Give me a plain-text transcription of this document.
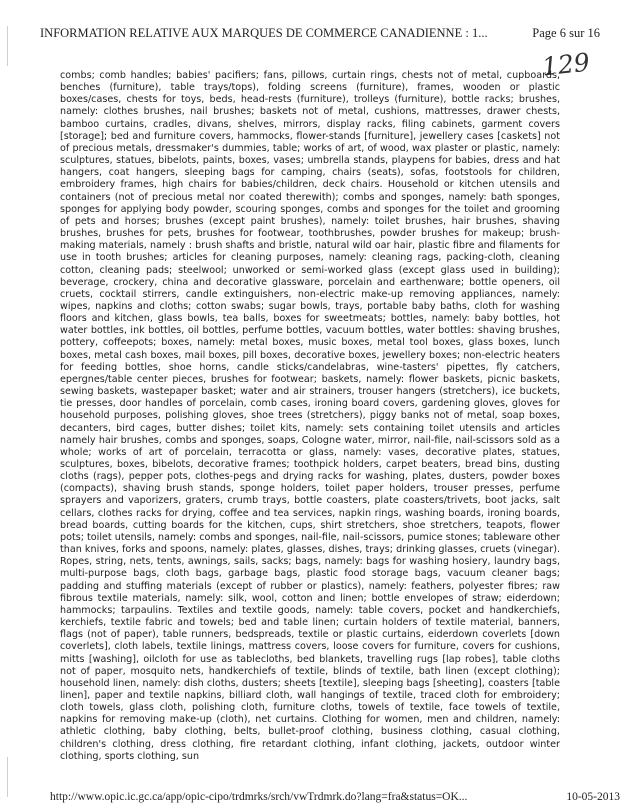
INFORMATION RELATIVE AUX MARQUES DE COMMERCE CANADIENNE : 1...	Page 6 sur 16
129
combs; comb handles; babies' pacifiers; fans, pillows, curtain rings, chests not of metal, cupboards, benches (furniture), table trays/tops), folding screens (furniture), frames, wooden or plastic boxes/cases, chests for toys, beds, head-rests (furniture), trolleys (furniture), bottle racks; brushes, namely: clothes brushes, nail brushes; baskets not of metal, cushions, mattresses, drawer chests, bamboo curtains, cradles, divans, shelves, mirrors, display racks, filing cabinets, garment covers [storage]; bed and furniture covers, hammocks, flower-stands [furniture], jewellery cases [caskets] not of precious metals, dressmaker's dummies, table; works of art, of wood, wax plaster or plastic, namely: sculptures, statues, bibelots, paints, boxes, vases; umbrella stands, playpens for babies, dress and hat hangers, coat hangers, sleeping bags for camping, chairs (seats), sofas, footstools for children, embroidery frames, high chairs for babies/children, deck chairs. Household or kitchen utensils and containers (not of precious metal nor coated therewith); combs and sponges, namely: bath sponges, sponges for applying body powder, scouring sponges, combs and sponges for the toilet and grooming of pets and horses; brushes (except paint brushes), namely: toilet brushes, hair brushes, shaving brushes, brushes for pets, brushes for footwear, toothbrushes, powder brushes for makeup; brush-making materials, namely : brush shafts and bristle, natural wild oar hair, plastic fibre and filaments for use in tooth brushes; articles for cleaning purposes, namely: cleaning rags, packing-cloth, cleaning cotton, cleaning pads; steelwool; unworked or semi-worked glass (except glass used in building); beverage, crockery, china and decorative glassware, porcelain and earthenware; bottle openers, oil cruets, cocktail stirrers, candle extinguishers, non-electric make-up removing appliances, namely: wipes, napkins and cloths; cotton swabs; sugar bowls, trays, portable baby baths, cloth for washing floors and kitchen, glass bowls, tea balls, boxes for sweetmeats; bottles, namely: baby bottles, hot water bottles, ink bottles, oil bottles, perfume bottles, vacuum bottles, water bottles: shaving brushes, pottery, coffeepots; boxes, namely: metal boxes, music boxes, metal tool boxes, glass boxes, lunch boxes, metal cash boxes, mail boxes, pill boxes, decorative boxes, jewellery boxes; non-electric heaters for feeding bottles, shoe horns, candle sticks/candelabras, wine-tasters' pipettes, fly catchers, epergnes/table center pieces, brushes for footwear; baskets, namely: flower baskets, picnic baskets, sewing baskets, wastepaper basket; water and air strainers, trouser hangers (stretchers), ice buckets, tie presses, door handles of porcelain, comb cases, ironing board covers, gardening gloves, gloves for household purposes, polishing gloves, shoe trees (stretchers), piggy banks not of metal, soap boxes, decanters, bird cages, butter dishes; toilet kits, namely: sets containing toilet utensils and articles namely hair brushes, combs and sponges, soaps, Cologne water, mirror, nail-file, nail-scissors sold as a whole; works of art of porcelain, terracotta or glass, namely: vases, decorative plates, statues, sculptures, boxes, bibelots, decorative frames; toothpick holders, carpet beaters, bread bins, dusting cloths (rags), pepper pots, clothes-pegs and drying racks for washing, plates, dusters, powder boxes (compacts), shaving brush stands, sponge holders, toilet paper holders, trouser presses, perfume sprayers and vaporizers, graters, crumb trays, bottle coasters, plate coasters/trivets, boot jacks, salt cellars, clothes racks for drying, coffee and tea services, napkin rings, washing boards, ironing boards, bread boards, cutting boards for the kitchen, cups, shirt stretchers, shoe stretchers, teapots, flower pots; toilet utensils, namely: combs and sponges, nail-file, nail-scissors, pumice stones; tableware other than knives, forks and spoons, namely: plates, glasses, dishes, trays; drinking glasses, cruets (vinegar). Ropes, string, nets, tents, awnings, sails, sacks; bags, namely: bags for washing hosiery, laundry bags, multi-purpose bags, cloth bags, garbage bags, plastic food storage bags, vacuum cleaner bags; padding and stuffing materials (except of rubber or plastics), namely: feathers, polyester fibres; raw fibrous textile materials, namely: silk, wool, cotton and linen; bottle envelopes of straw; eiderdown; hammocks; tarpaulins. Textiles and textile goods, namely: table covers, pocket and handkerchiefs, kerchiefs, textile fabric and towels; bed and table linen; curtain holders of textile material, banners, flags (not of paper), table runners, bedspreads, textile or plastic curtains, eiderdown coverlets [down coverlets], cloth labels, textile linings, mattress covers, loose covers for furniture, covers for cushions, mitts [washing], oilcloth for use as tablecloths, bed blankets, travelling rugs [lap robes], table cloths not of paper, mosquito nets, handkerchiefs of textile, blinds of textile, bath linen (except clothing); household linen, namely: dish cloths, dusters; sheets [textile], sleeping bags [sheeting], coasters [table linen], paper and textile napkins, billiard cloth, wall hangings of textile, traced cloth for embroidery; cloth towels, glass cloth, polishing cloth, furniture cloths, towels of textile, face towels of textile, napkins for removing make-up (cloth), net curtains. Clothing for women, men and children, namely: athletic clothing, baby clothing, belts, bullet-proof clothing, business clothing, casual clothing, children's clothing, dress clothing, fire retardant clothing, infant clothing, jackets, outdoor winter clothing, sports clothing, sun
http://www.opic.ic.gc.ca/app/opic-cipo/trdmrks/srch/vwTrdmrk.do?lang=fra&status=OK...	10-05-2013
